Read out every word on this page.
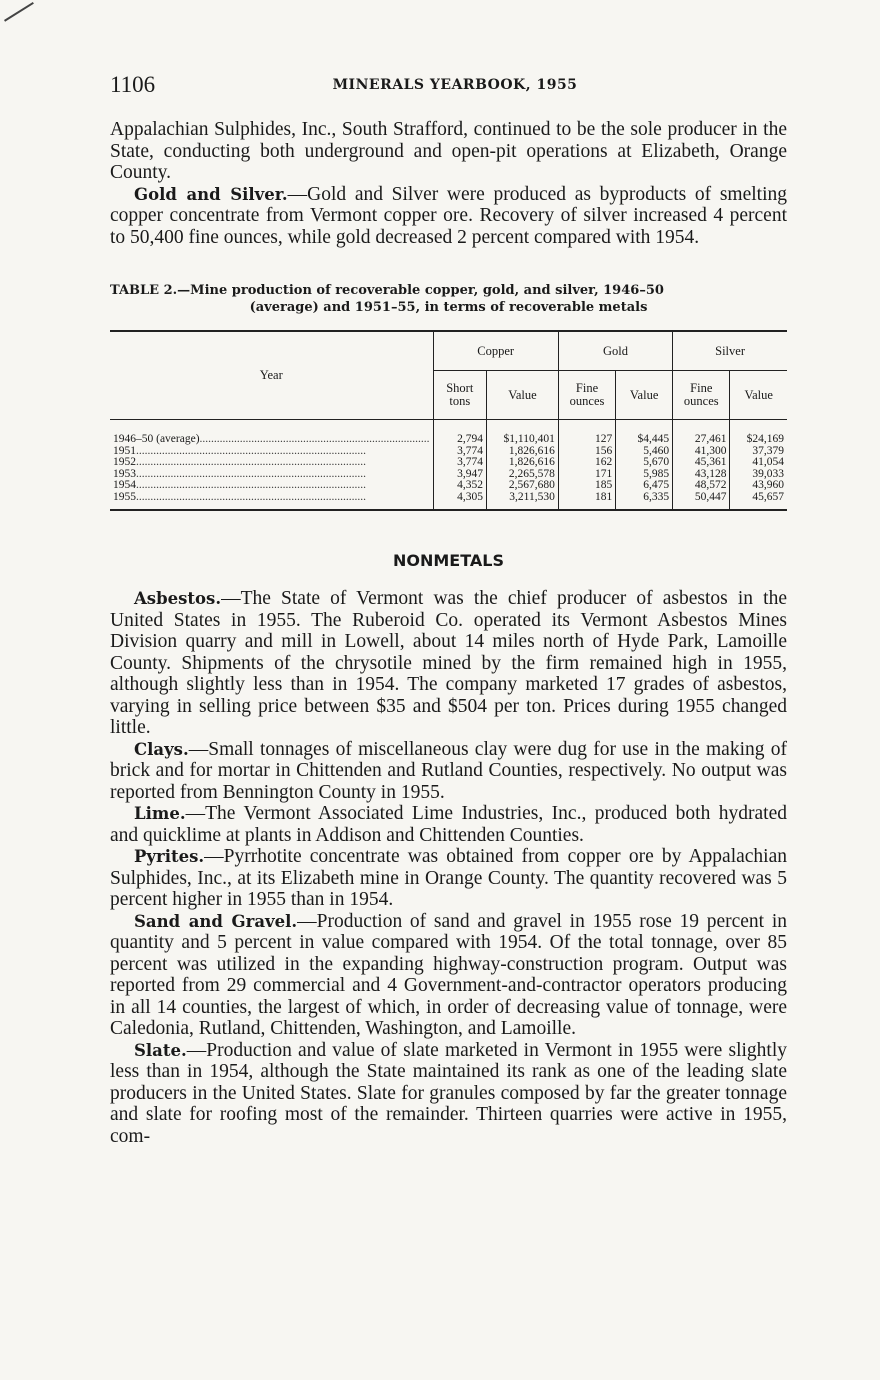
1106	MINERALS YEARBOOK, 1955

Appalachian Sulphides, Inc., South Strafford, continued to be the sole producer in the State, conducting both underground and open-pit operations at Elizabeth, Orange County.

Gold and Silver.—Gold and Silver were produced as byproducts of smelting copper concentrate from Vermont copper ore. Recovery of silver increased 4 percent to 50,400 fine ounces, while gold decreased 2 percent compared with 1954.

TABLE 2.—Mine production of recoverable copper, gold, and silver, 1946–50
(average) and 1951–55, in terms of recoverable metals
Year	Copper		Gold		Silver	
	Short tons	Value	Fine ounces	Value	Fine ounces	Value

1946–50 (average)................................................................................	2,794	$1,110,401	127	$4,445	27,461	$24,169
1951................................................................................	3,774	1,826,616	156	5,460	41,300	37,379
1952................................................................................	3,774	1,826,616	162	5,670	45,361	41,054
1953................................................................................	3,947	2,265,578	171	5,985	43,128	39,033
1954................................................................................	4,352	2,567,680	185	6,475	48,572	43,960
1955................................................................................	4,305	3,211,530	181	6,335	50,447	45,657
NONMETALS

Asbestos.—The State of Vermont was the chief producer of asbestos in the United States in 1955. The Ruberoid Co. operated its Vermont Asbestos Mines Division quarry and mill in Lowell, about 14 miles north of Hyde Park, Lamoille County. Shipments of the chrysotile mined by the firm remained high in 1955, although slightly less than in 1954. The company marketed 17 grades of asbestos, varying in selling price between $35 and $504 per ton. Prices during 1955 changed little.

Clays.—Small tonnages of miscellaneous clay were dug for use in the making of brick and for mortar in Chittenden and Rutland Counties, respectively. No output was reported from Bennington County in 1955.

Lime.—The Vermont Associated Lime Industries, Inc., produced both hydrated and quicklime at plants in Addison and Chittenden Counties.

Pyrites.—Pyrrhotite concentrate was obtained from copper ore by Appalachian Sulphides, Inc., at its Elizabeth mine in Orange County. The quantity recovered was 5 percent higher in 1955 than in 1954.

Sand and Gravel.—Production of sand and gravel in 1955 rose 19 percent in quantity and 5 percent in value compared with 1954. Of the total tonnage, over 85 percent was utilized in the expanding highway-construction program. Output was reported from 29 commercial and 4 Government-and-contractor operators producing in all 14 counties, the largest of which, in order of decreasing value of tonnage, were Caledonia, Rutland, Chittenden, Washington, and Lamoille.

Slate.—Production and value of slate marketed in Vermont in 1955 were slightly less than in 1954, although the State maintained its rank as one of the leading slate producers in the United States. Slate for granules composed by far the greater tonnage and slate for roofing most of the remainder. Thirteen quarries were active in 1955, com-
